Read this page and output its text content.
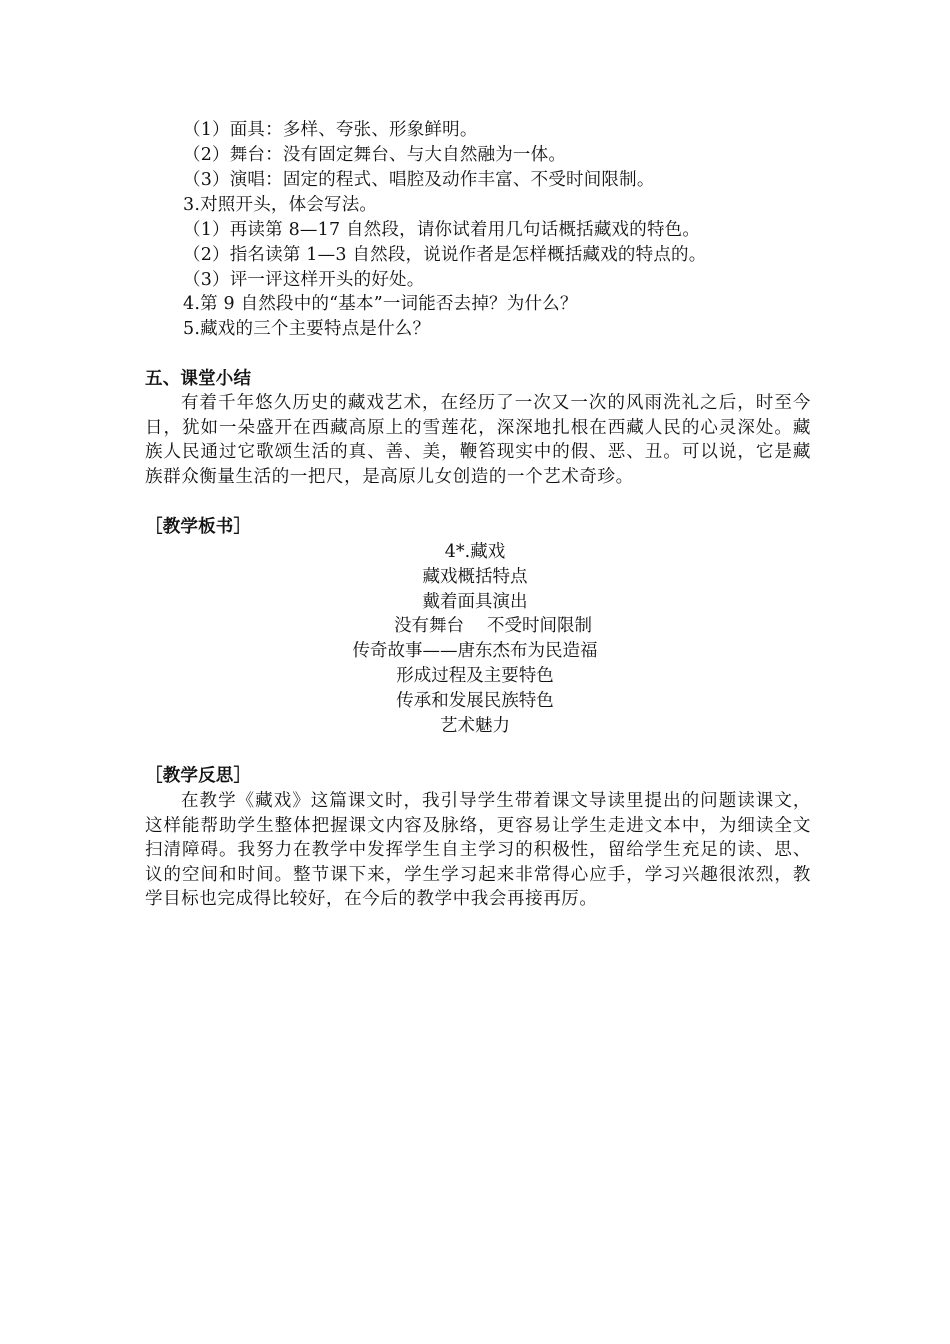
（1）面具：多样、夸张、形象鲜明。
（2）舞台：没有固定舞台、与大自然融为一体。
（3）演唱：固定的程式、唱腔及动作丰富、不受时间限制。
3.对照开头，体会写法。
（1）再读第 8—17 自然段，请你试着用几句话概括藏戏的特色。
（2）指名读第 1—3 自然段，说说作者是怎样概括藏戏的特点的。
（3）评一评这样开头的好处。
4.第 9 自然段中的“基本”一词能否去掉？为什么？
5.藏戏的三个主要特点是什么？
五、课堂小结
有着千年悠久历史的藏戏艺术，在经历了一次又一次的风雨洗礼之后，时至今日，犹如一朵盛开在西藏高原上的雪莲花，深深地扎根在西藏人民的心灵深处。藏族人民通过它歌颂生活的真、善、美，鞭笞现实中的假、恶、丑。可以说，它是藏族群众衡量生活的一把尺，是高原儿女创造的一个艺术奇珍。
［教学板书］
4*.藏戏
藏戏概括特点
戴着面具演出
没有舞台　 不受时间限制
传奇故事——唐东杰布为民造福
形成过程及主要特色
传承和发展民族特色
艺术魅力
［教学反思］
在教学《藏戏》这篇课文时，我引导学生带着课文导读里提出的问题读课文，这样能帮助学生整体把握课文内容及脉络，更容易让学生走进文本中，为细读全文扫清障碍。我努力在教学中发挥学生自主学习的积极性，留给学生充足的读、思、议的空间和时间。整节课下来，学生学习起来非常得心应手，学习兴趣很浓烈，教学目标也完成得比较好，在今后的教学中我会再接再厉。
